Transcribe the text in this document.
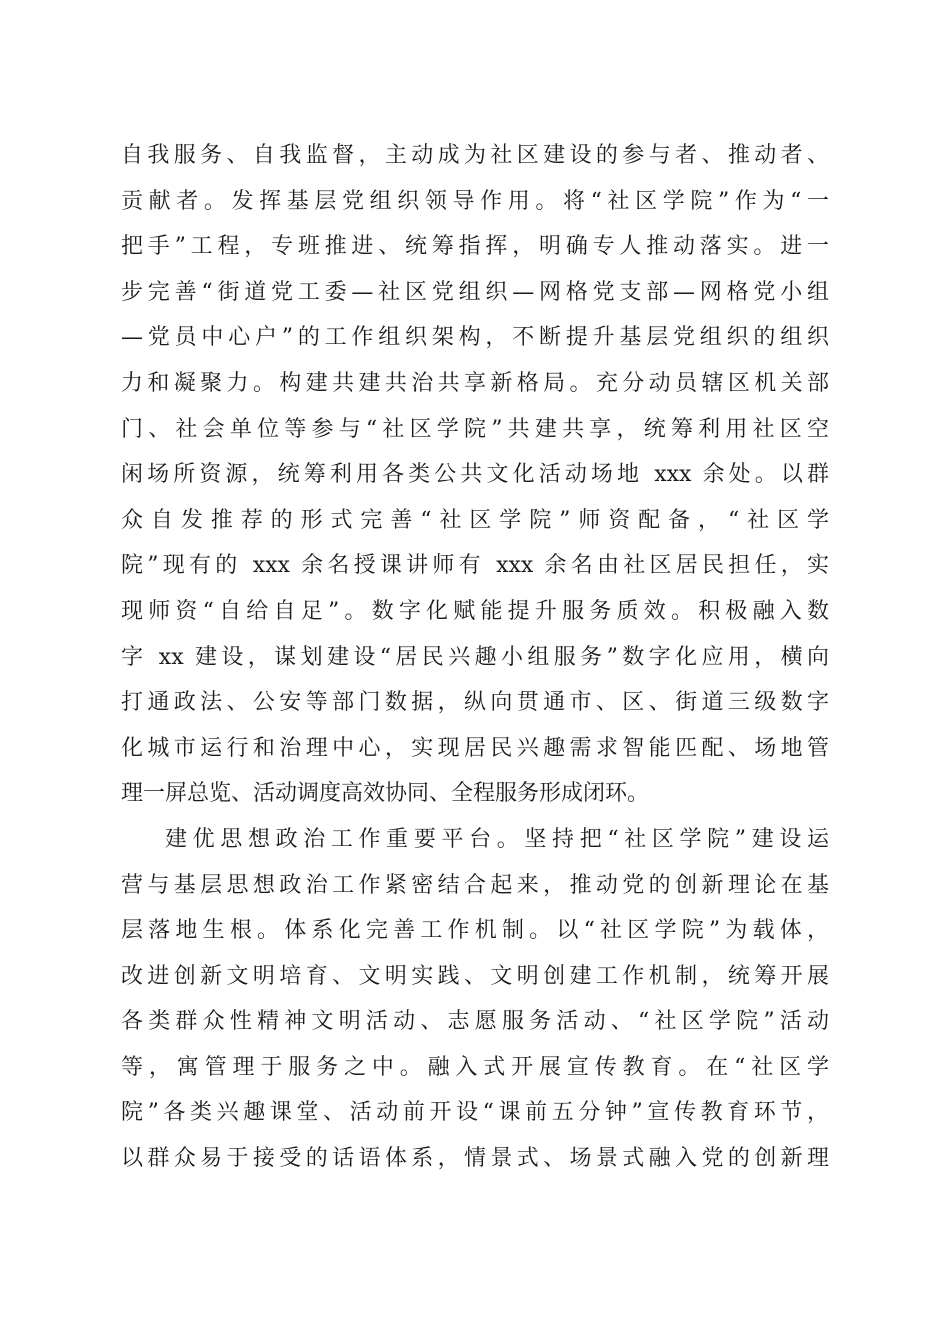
自我服务、自我监督，主动成为社区建设的参与者、推动者、
贡献者。发挥基层党组织领导作用。将“社区学院”作为“一
把手”工程，专班推进、统筹指挥，明确专人推动落实。进一
步完善“街道党工委—社区党组织—网格党支部—网格党小组
—党员中心户”的工作组织架构，不断提升基层党组织的组织
力和凝聚力。构建共建共治共享新格局。充分动员辖区机关部
门、社会单位等参与“社区学院”共建共享，统筹利用社区空
闲场所资源，统筹利用各类公共文化活动场地 xxx 余处。以群
众自发推荐的形式完善“社区学院”师资配备，“社区学
院”现有的 xxx 余名授课讲师有 xxx 余名由社区居民担任，实
现师资“自给自足”。数字化赋能提升服务质效。积极融入数
字 xx 建设，谋划建设“居民兴趣小组服务”数字化应用，横向
打通政法、公安等部门数据，纵向贯通市、区、街道三级数字
化城市运行和治理中心，实现居民兴趣需求智能匹配、场地管
理一屏总览、活动调度高效协同、全程服务形成闭环。
建优思想政治工作重要平台。坚持把“社区学院”建设运
营与基层思想政治工作紧密结合起来，推动党的创新理论在基
层落地生根。体系化完善工作机制。以“社区学院”为载体，
改进创新文明培育、文明实践、文明创建工作机制，统筹开展
各类群众性精神文明活动、志愿服务活动、“社区学院”活动
等，寓管理于服务之中。融入式开展宣传教育。在“社区学
院”各类兴趣课堂、活动前开设“课前五分钟”宣传教育环节，
以群众易于接受的话语体系，情景式、场景式融入党的创新理
